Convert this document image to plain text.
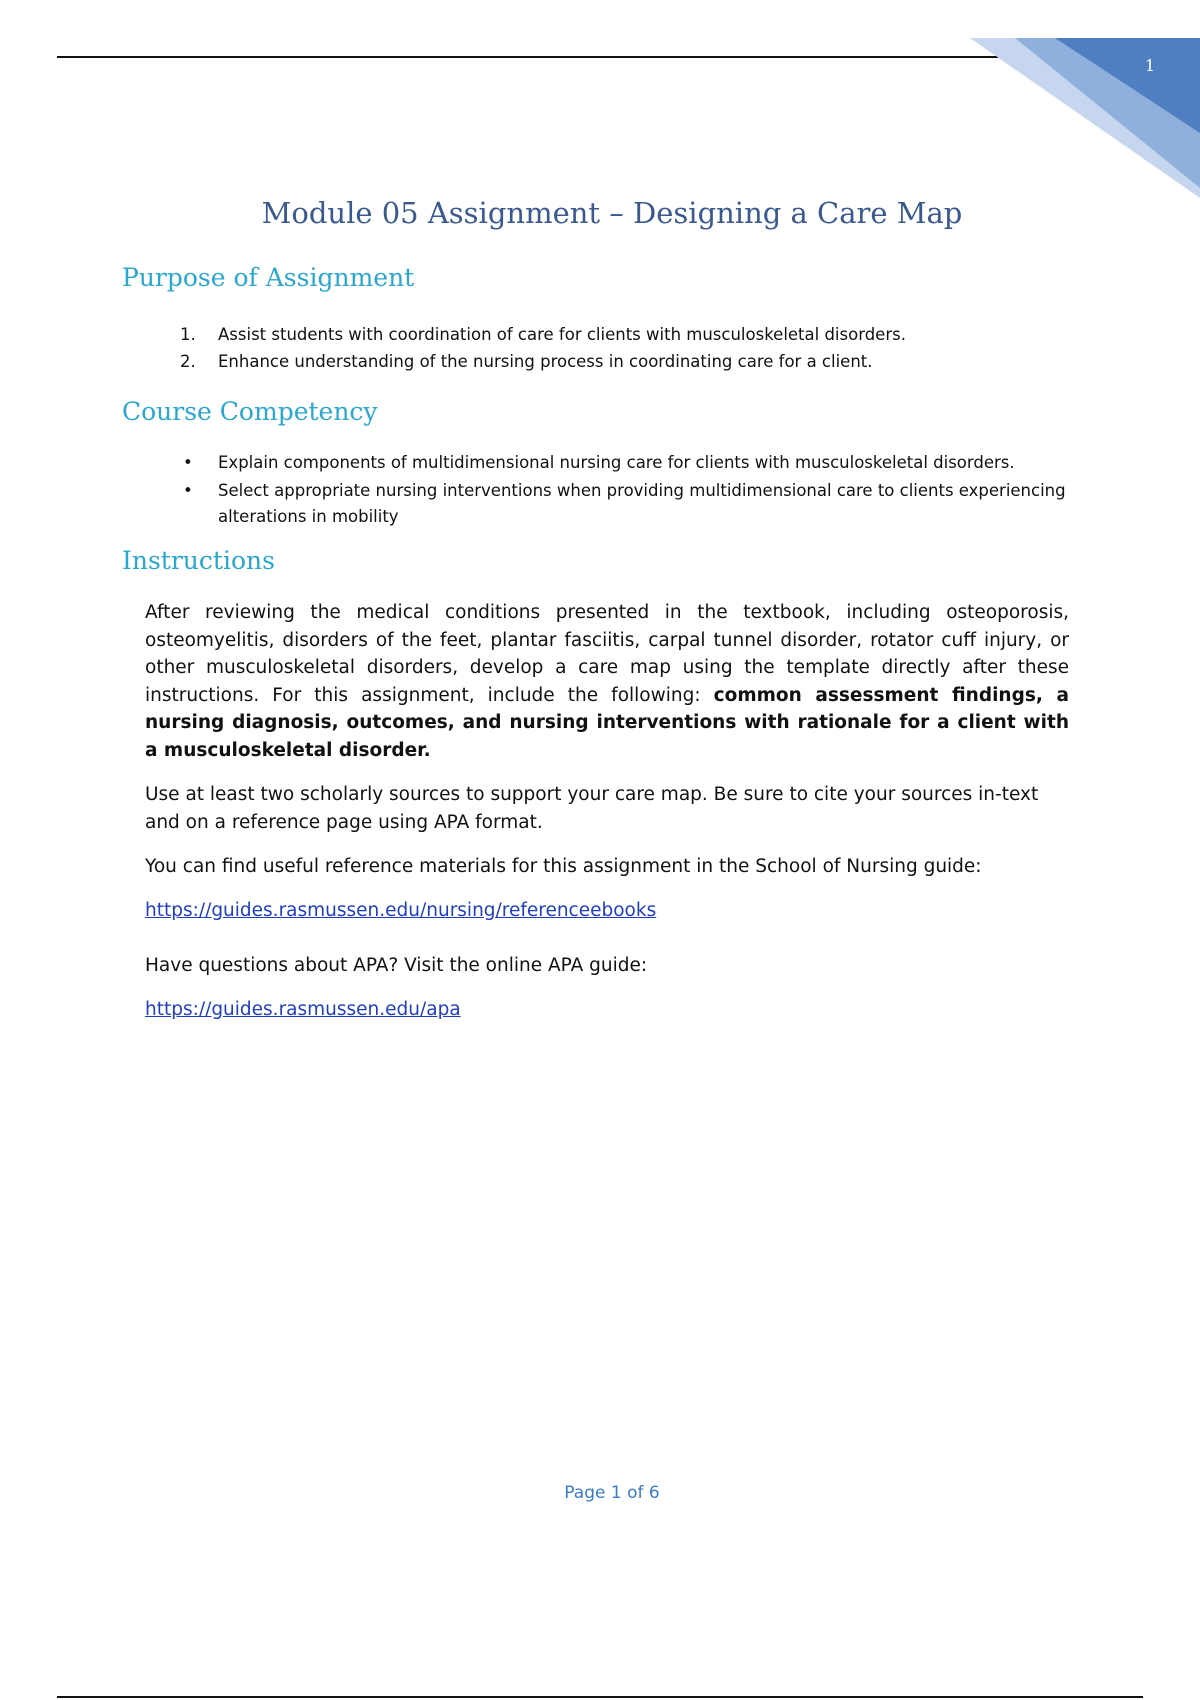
1
Module 05 Assignment – Designing a Care Map
Purpose of Assignment
1.	Assist students with coordination of care for clients with musculoskeletal disorders.
2.	Enhance understanding of the nursing process in coordinating care for a client.
Course Competency
•	Explain components of multidimensional nursing care for clients with musculoskeletal disorders.
•	Select appropriate nursing interventions when providing multidimensional care to clients experiencing alterations in mobility
Instructions

After reviewing the medical conditions presented in the textbook, including osteoporosis, osteomyelitis, disorders of the feet, plantar fasciitis, carpal tunnel disorder, rotator cuff injury, or other musculoskeletal disorders, develop a care map using the template directly after these instructions. For this assignment, include the following: common assessment findings, a nursing diagnosis, outcomes, and nursing interventions with rationale for a client with a musculoskeletal disorder.

Use at least two scholarly sources to support your care map. Be sure to cite your sources in-text and on a reference page using APA format.

You can find useful reference materials for this assignment in the School of Nursing guide:

https://guides.rasmussen.edu/nursing/referenceebooks

Have questions about APA? Visit the online APA guide:

https://guides.rasmussen.edu/apa

Page 1 of 6
